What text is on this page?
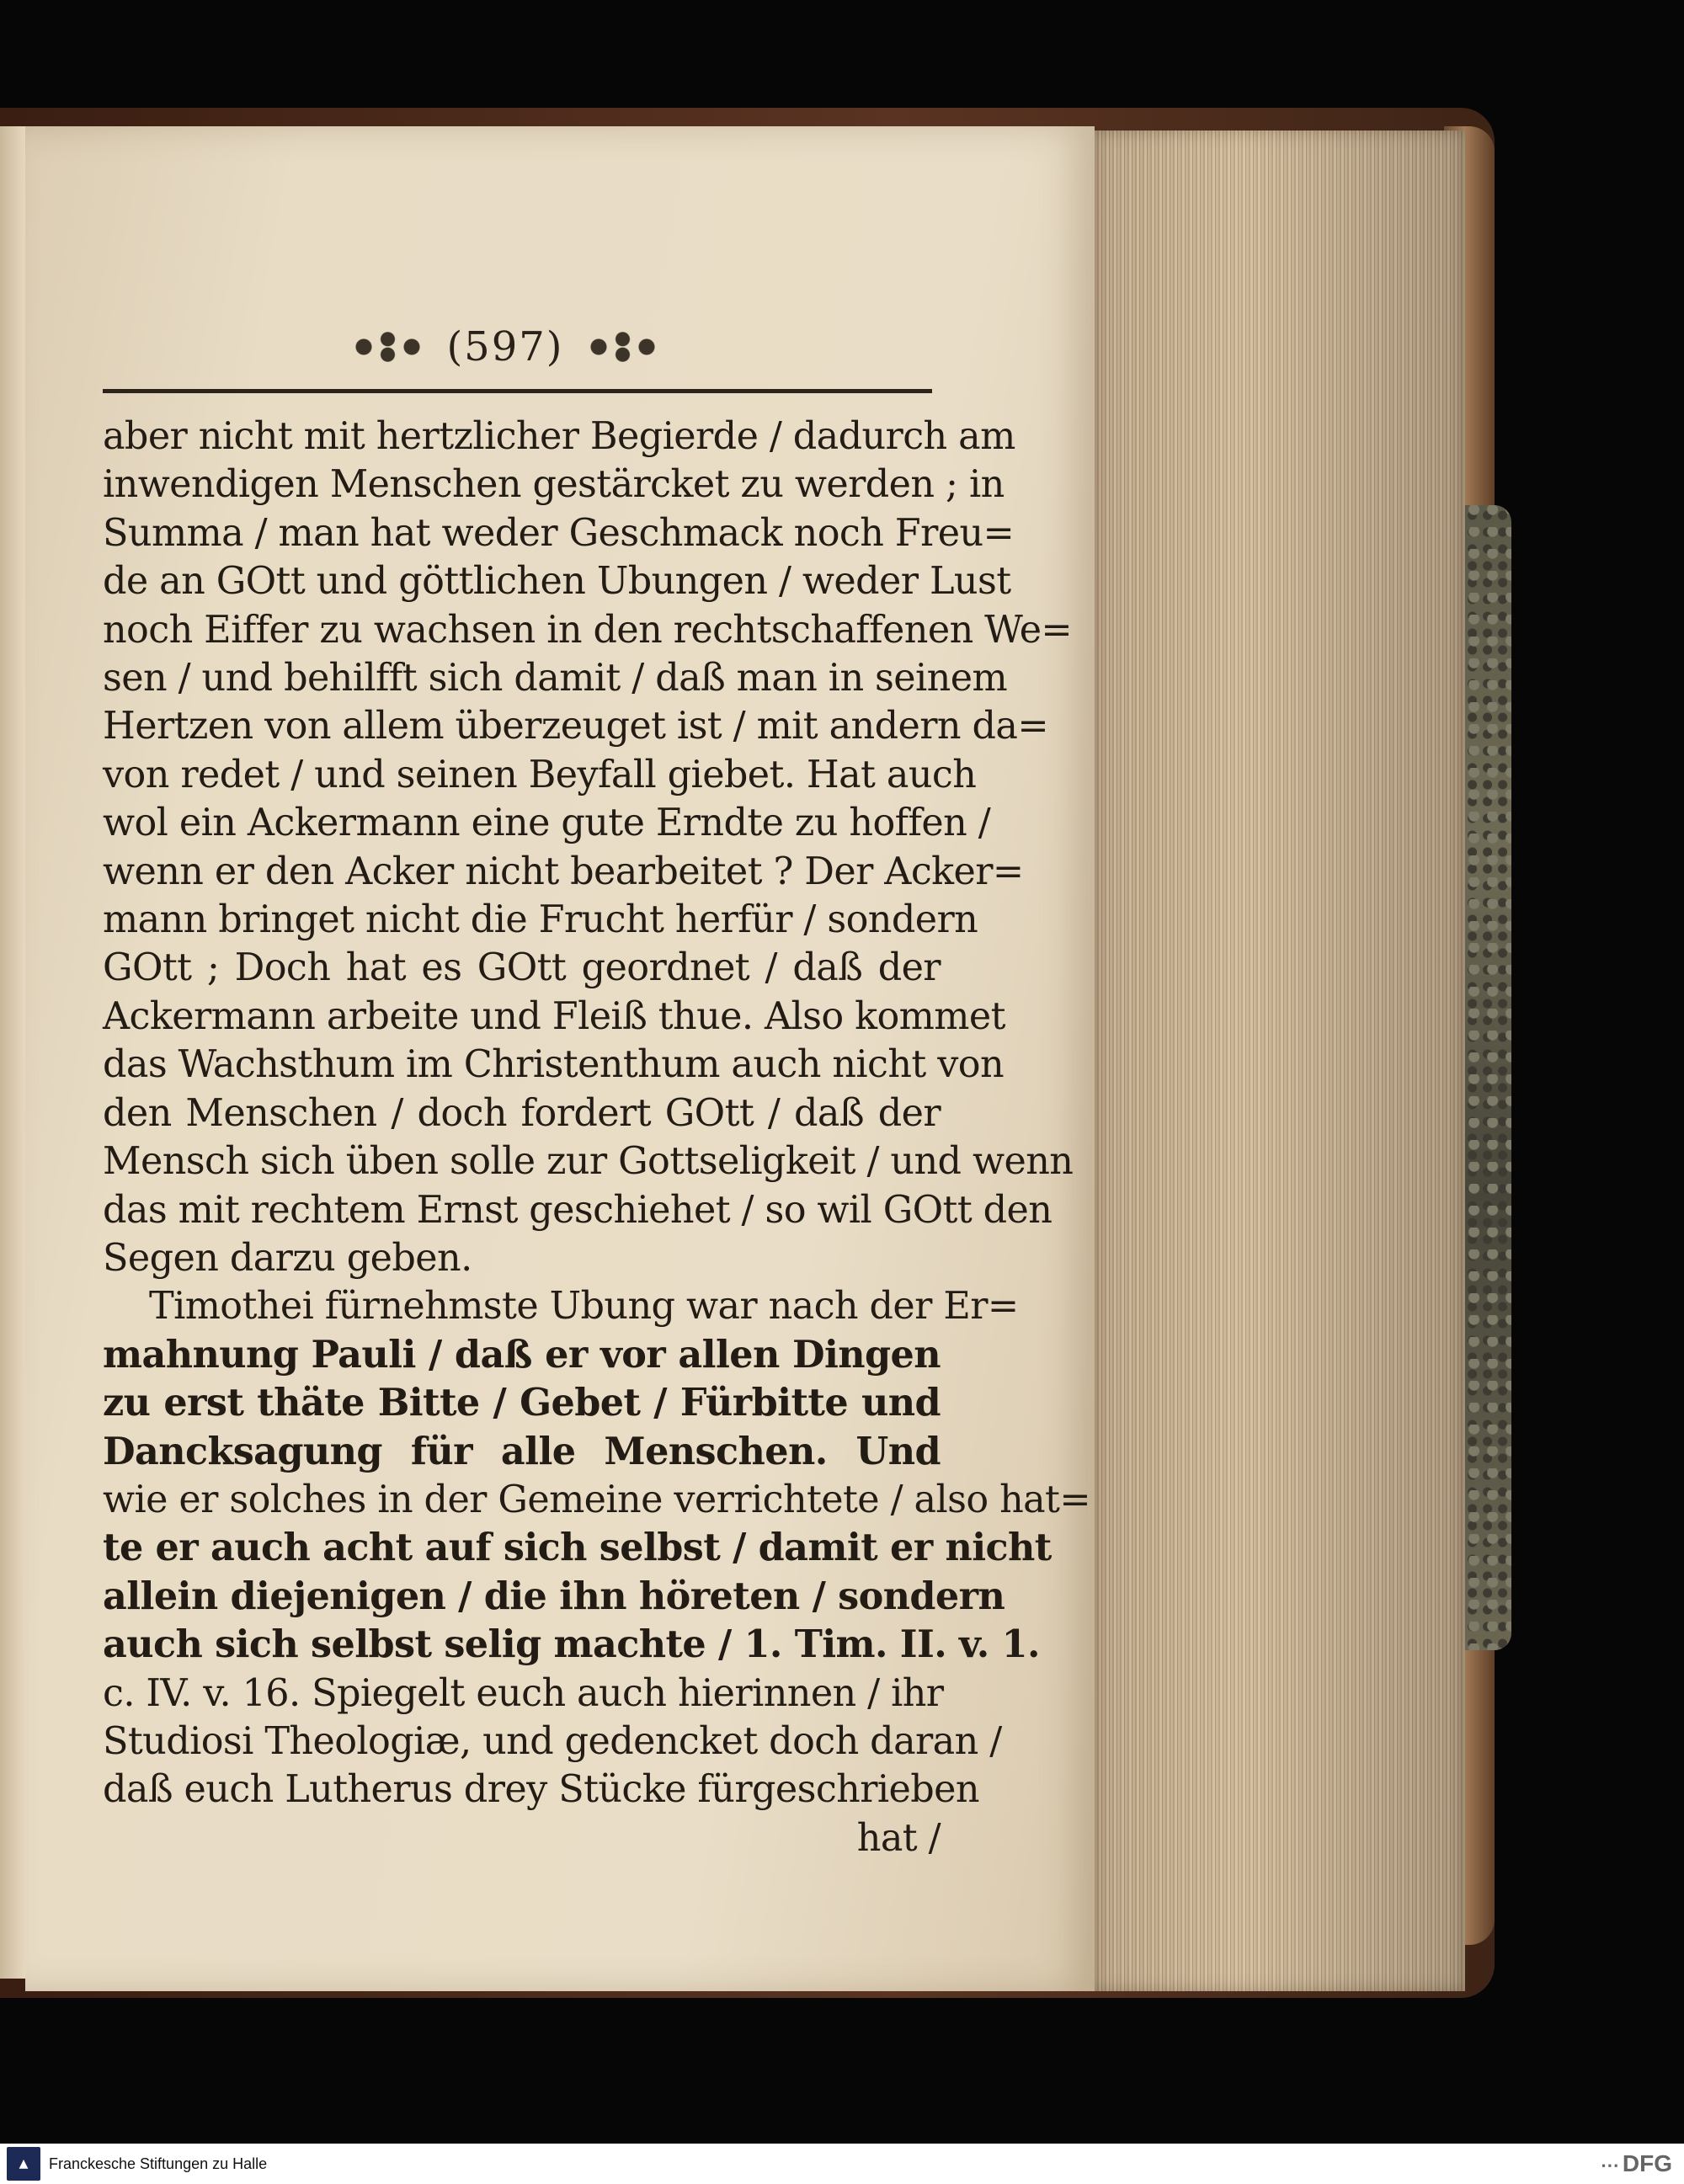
(597)
aber nicht mit hertzlicher Begierde / dadurch am
inwendigen Menschen gestärcket zu werden ; in
Summa / man hat weder Geschmack noch Freu=
de an GOtt und göttlichen Ubungen / weder Lust
noch Eiffer zu wachsen in den rechtschaffenen We=
sen / und behilfft sich damit / daß man in seinem
Hertzen von allem überzeuget ist / mit andern da=
von redet / und seinen Beyfall giebet. Hat auch
wol ein Ackermann eine gute Erndte zu hoffen /
wenn er den Acker nicht bearbeitet ? Der Acker=
mann bringet nicht die Frucht herfür / sondern
GOtt ; Doch hat es GOtt geordnet / daß der
Ackermann arbeite und Fleiß thue. Also kommet
das Wachsthum im Christenthum auch nicht von
den Menschen / doch fordert GOtt / daß der
Mensch sich üben solle zur Gottseligkeit / und wenn
das mit rechtem Ernst geschiehet / so wil GOtt den
Segen darzu geben.
Timothei fürnehmste Ubung war nach der Er=
mahnung Pauli / daß er vor allen Dingen
zu erst thäte Bitte / Gebet / Fürbitte und
Dancksagung für alle Menschen. Und
wie er solches in der Gemeine verrichtete / also hat=
te er auch acht auf sich selbst / damit er nicht
allein diejenigen / die ihn höreten / sondern
auch sich selbst selig machte / 1. Tim. II. v. 1.
c. IV. v. 16. Spiegelt euch auch hierinnen / ihr
Studiosi Theologiæ, und gedencket doch daran /
daß euch Lutherus drey Stücke fürgeschrieben
hat /
▲	Franckesche Stiftungen zu Halle	⋯ DFG
